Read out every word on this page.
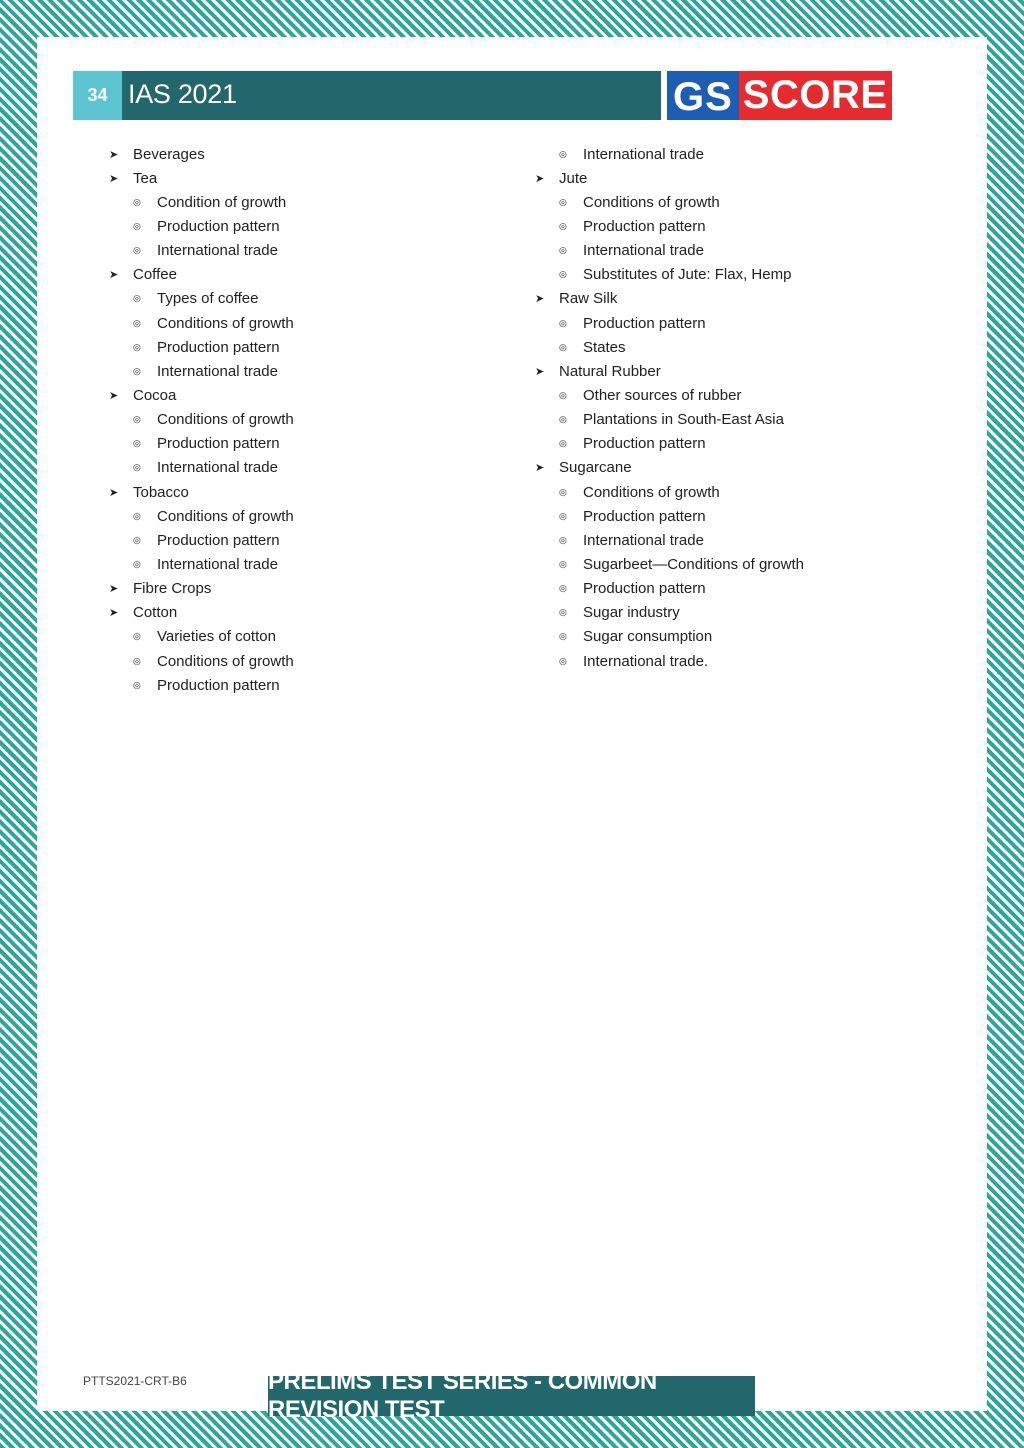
34 IAS 2021	GS SCORE
➤ Beverages
➤ Tea
◎	Condition of growth
◎	Production pattern
◎	International trade
➤ Coffee
◎	Types of coffee
◎	Conditions of growth
◎	Production pattern
◎	International trade
➤ Cocoa
◎	Conditions of growth
◎	Production pattern
◎	International trade
➤ Tobacco
◎	Conditions of growth
◎	Production pattern
◎	International trade
➤ Fibre Crops
➤ Cotton
◎	Varieties of cotton
◎	Conditions of growth
◎	Production pattern
◎	International trade
➤ Jute
◎	Conditions of growth
◎	Production pattern
◎	International trade
◎	Substitutes of Jute: Flax, Hemp
➤ Raw Silk
◎	Production pattern
◎	States
➤ Natural Rubber
◎	Other sources of rubber
◎	Plantations in South-East Asia
◎	Production pattern
➤ Sugarcane
◎	Conditions of growth
◎	Production pattern
◎	International trade
◎	Sugarbeet—Conditions of growth
◎	Production pattern
◎	Sugar industry
◎	Sugar consumption
◎	International trade.
PTTS2021-CRT-B6	PRELIMS TEST SERIES - COMMON REVISION TEST
